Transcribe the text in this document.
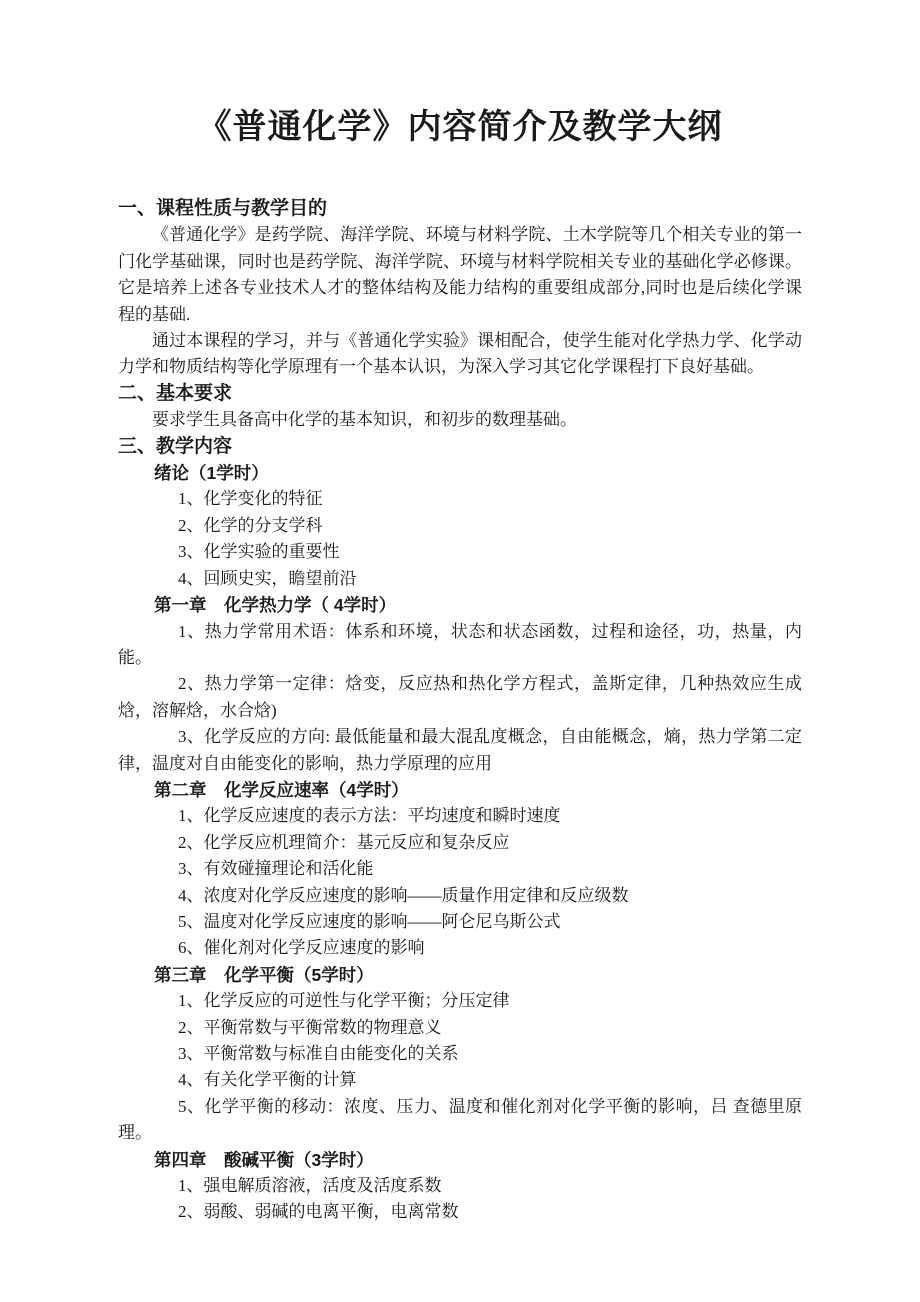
《普通化学》内容简介及教学大纲
一、课程性质与教学目的

《普通化学》是药学院、海洋学院、环境与材料学院、土木学院等几个相关专业的第一门化学基础课，同时也是药学院、海洋学院、环境与材料学院相关专业的基础化学必修课。它是培养上述各专业技术人才的整体结构及能力结构的重要组成部分,同时也是后续化学课程的基础.

通过本课程的学习，并与《普通化学实验》课相配合，使学生能对化学热力学、化学动力学和物质结构等化学原理有一个基本认识，为深入学习其它化学课程打下良好基础。

二、基本要求

要求学生具备高中化学的基本知识，和初步的数理基础。

三、教学内容
绪论（1学时）

1、化学变化的特征

2、化学的分支学科

3、化学实验的重要性

4、回顾史实，瞻望前沿

第一章　化学热力学（ 4学时）

1、热力学常用术语：体系和环境，状态和状态函数，过程和途径，功，热量，内能。

2、热力学第一定律：焓变，反应热和热化学方程式，盖斯定律，几种热效应生成焓，溶解焓，水合焓)

3、化学反应的方向: 最低能量和最大混乱度概念，自由能概念，熵，热力学第二定律，温度对自由能变化的影响，热力学原理的应用

第二章　化学反应速率（4学时）

1、化学反应速度的表示方法：平均速度和瞬时速度

2、化学反应机理简介：基元反应和复杂反应

3、有效碰撞理论和活化能

4、浓度对化学反应速度的影响——质量作用定律和反应级数

5、温度对化学反应速度的影响——阿仑尼乌斯公式

6、催化剂对化学反应速度的影响

第三章　化学平衡（5学时）

1、化学反应的可逆性与化学平衡；分压定律

2、平衡常数与平衡常数的物理意义

3、平衡常数与标准自由能变化的关系

4、有关化学平衡的计算

5、化学平衡的移动：浓度、压力、温度和催化剂对化学平衡的影响，吕 查德里原理。

第四章　酸碱平衡（3学时）

1、强电解质溶液，活度及活度系数

2、弱酸、弱碱的电离平衡，电离常数
